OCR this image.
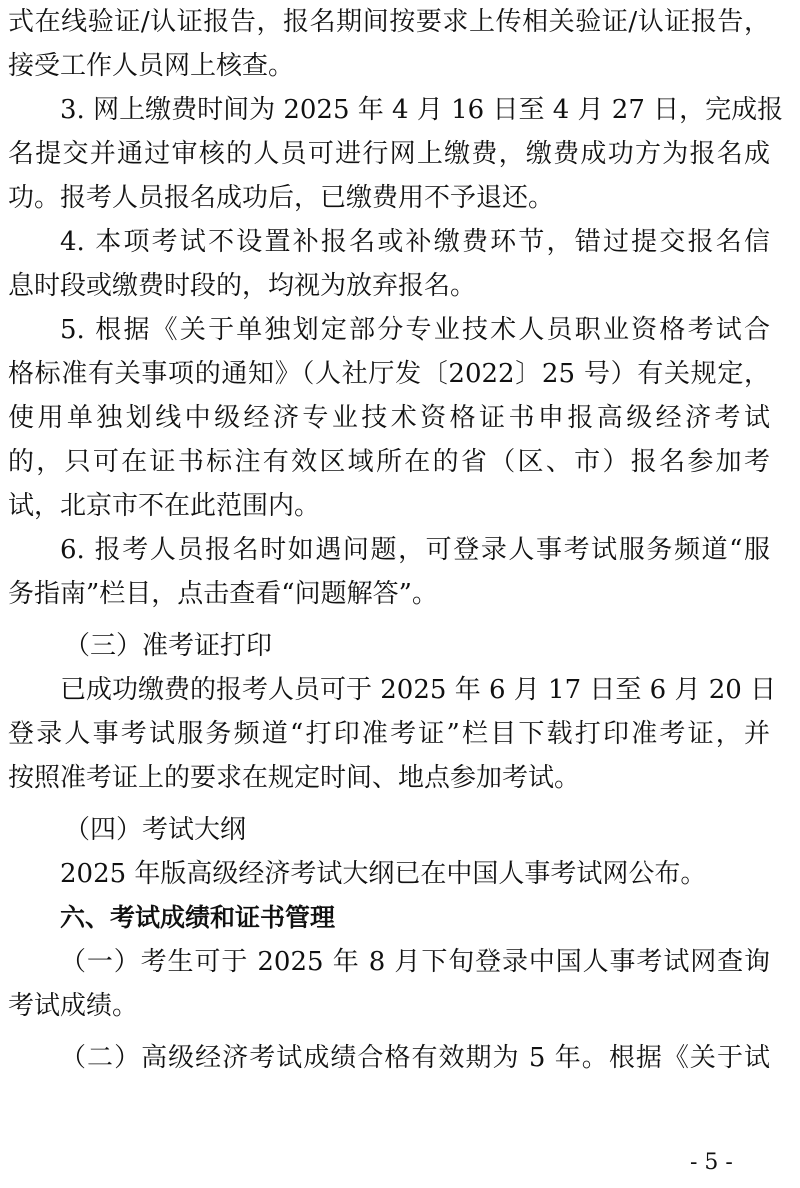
式在线验证/认证报告，报名期间按要求上传相关验证/认证报告，
接受工作人员网上核查。
3. 网上缴费时间为 2025 年 4 月 16 日至 4 月 27 日，完成报
名提交并通过审核的人员可进行网上缴费，缴费成功方为报名成
功。报考人员报名成功后，已缴费用不予退还。
4. 本项考试不设置补报名或补缴费环节，错过提交报名信
息时段或缴费时段的，均视为放弃报名。
5. 根据《关于单独划定部分专业技术人员职业资格考试合
格标准有关事项的通知》（人社厅发〔2022〕25 号）有关规定，
使用单独划线中级经济专业技术资格证书申报高级经济考试
的，只可在证书标注有效区域所在的省（区、市）报名参加考
试，北京市不在此范围内。
6. 报考人员报名时如遇问题，可登录人事考试服务频道“服
务指南”栏目，点击查看“问题解答”。
（三）准考证打印
已成功缴费的报考人员可于 2025 年 6 月 17 日至 6 月 20 日
登录人事考试服务频道“打印准考证”栏目下载打印准考证，并
按照准考证上的要求在规定时间、地点参加考试。
（四）考试大纲
2025 年版高级经济考试大纲已在中国人事考试网公布。
六、考试成绩和证书管理
（一）考生可于 2025 年 8 月下旬登录中国人事考试网查询
考试成绩。
（二）高级经济考试成绩合格有效期为 5 年。根据《关于试
- 5 -
